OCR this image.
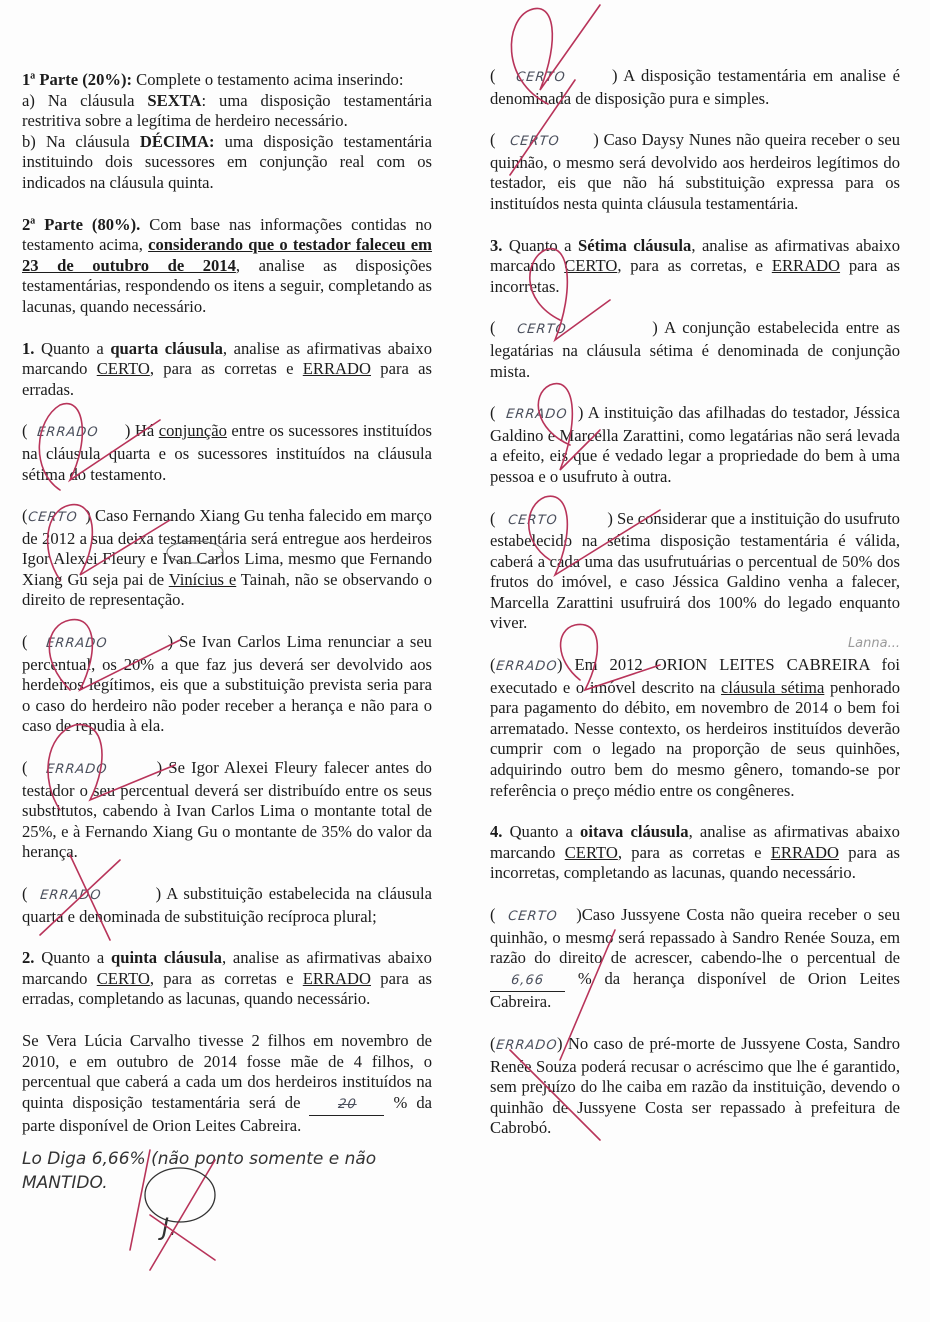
1ª Parte (20%): Complete o testamento acima inserindo:

a) Na cláusula SEXTA: uma disposição testamentária restritiva sobre a legítima de herdeiro necessário.

b) Na cláusula DÉCIMA: uma disposição testamentária instituindo dois sucessores em conjunção real com os indicados na cláusula quinta.

2ª Parte (80%). Com base nas informações contidas no testamento acima, considerando que o testador faleceu em 23 de outubro de 2014, analise as disposições testamentárias, respondendo os itens a seguir, completando as lacunas, quando necessário.

1. Quanto a quarta cláusula, analise as afirmativas abaixo marcando CERTO, para as corretas e ERRADO para as erradas.

(  ERRADO      ) Há conjunção entre os sucessores instituídos na cláusula quarta e os sucessores instituídos na cláusula sétima do testamento.

(CERTO  ) Caso Fernando Xiang Gu tenha falecido em março de 2012 a sua deixa testamentária será entregue aos herdeiros Igor Alexei Fleury e Ivan Carlos Lima, mesmo que Fernando Xiang Gu seja pai de Vinícius e Tainah, não se observando o direito de representação.

(   ERRADO          ) Se Ivan Carlos Lima renunciar a seu percentual, os 20% a que faz jus deverá ser devolvido aos herdeiros legítimos, eis que a substituição prevista seria para o caso do herdeiro não poder receber a herança e não para o caso de repudia à ela.

(   ERRADO        ) Se Igor Alexei Fleury falecer antes do testador o seu percentual deverá ser distribuído entre os seus substitutos, cabendo à Ivan Carlos Lima o montante total de 25%, e à Fernando Xiang Gu o montante de 35% do valor da herança.

(  ERRADO         ) A substituição estabelecida na cláusula quarta e denominada de substituição recíproca plural;

2. Quanto a quinta cláusula, analise as afirmativas abaixo marcando CERTO, para as corretas e ERRADO para as erradas, completando as lacunas, quando necessário.

Se Vera Lúcia Carvalho tivesse 2 filhos em novembro de 2010, e em outubro de 2014 fosse mãe de 4 filhos, o percentual que caberá a cada um dos herdeiros instituídos na quinta disposição testamentária será de 20 % da parte disponível de Orion Leites Cabreira.

Lo Diga 6,66% (não ponto somente e não MANTIDO.
J.

(   CERTO       ) A disposição testamentária em analise é denominada de disposição pura e simples.

(   CERTO       ) Caso Daysy Nunes não queira receber o seu quinhão, o mesmo será devolvido aos herdeiros legítimos do testador, eis que não há substituição expressa para os instituídos nesta quinta cláusula testamentária.

3. Quanto a Sétima cláusula, analise as afirmativas abaixo marcando CERTO, para as corretas, e ERRADO para as incorretas.

(   CERTO            ) A conjunção estabelecida entre as legatárias na cláusula sétima é denominada de conjunção mista.

(  ERRADO  ) A instituição das afilhadas do testador, Jéssica Galdino e Marcella Zarattini, como legatárias não será levada a efeito, eis que é vedado legar a propriedade do bem à uma pessoa e o usufruto à outra.

(   CERTO            ) Se considerar que a instituição do usufruto estabelecido na sétima disposição testamentária é válida, caberá a cada uma das usufrutuárias o percentual de 50% dos frutos do imóvel, e caso Jéssica Galdino venha a falecer, Marcella Zarattini usufruirá dos 100% do legado enquanto viver.

Lanna...

(ERRADO) Em 2012 ORION LEITES CABREIRA foi executado e o imóvel descrito na cláusula sétima penhorado para pagamento do débito, em novembro de 2014 o bem foi arrematado. Nesse contexto, os herdeiros instituídos deverão cumprir com o legado na proporção de seus quinhões, adquirindo outro bem do mesmo gênero, tomando-se por referência o preço médio entre os congêneres.

4. Quanto a oitava cláusula, analise as afirmativas abaixo marcando CERTO, para as corretas e ERRADO para as incorretas, completando as lacunas, quando necessário.

(  CERTO   )Caso Jussyene Costa não queira receber o seu quinhão, o mesmo será repassado à Sandro Renée Souza, em razão do direito de acrescer, cabendo-lhe o percentual de 6,66 % da herança disponível de Orion Leites Cabreira.

(ERRADO) No caso de pré-morte de Jussyene Costa, Sandro Renée Souza poderá recusar o acréscimo que lhe é garantido, sem prejuízo do lhe caiba em razão da instituição, devendo o quinhão de Jussyene Costa ser repassado à prefeitura de Cabrobó.
